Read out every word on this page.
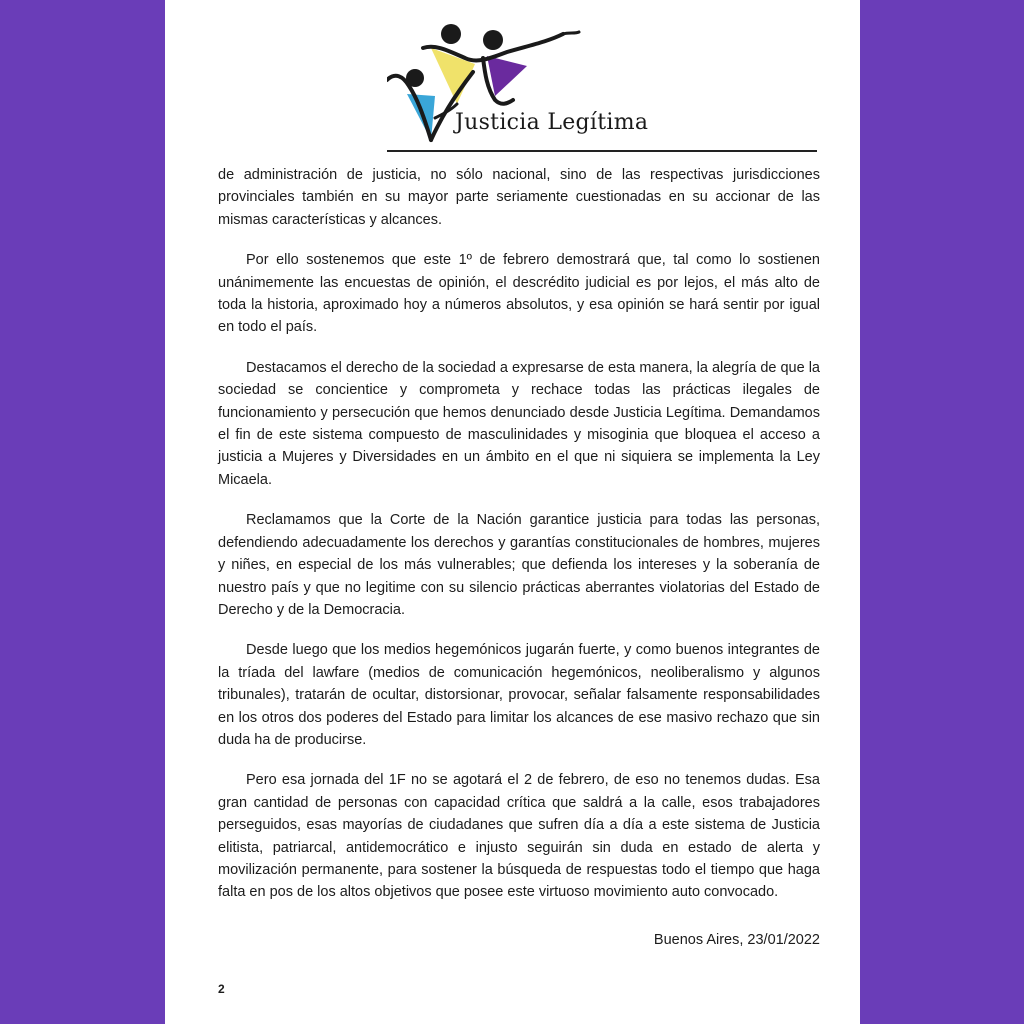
Justicia Legítima

de administración de justicia, no sólo nacional, sino de las respectivas jurisdicciones provinciales también en su mayor parte seriamente cuestionadas en su accionar de las mismas características y alcances.

Por ello sostenemos que este 1º de febrero demostrará que, tal como lo sostienen unánimemente las encuestas de opinión, el descrédito judicial es por lejos, el más alto de toda la historia, aproximado hoy a números absolutos, y esa opinión se hará sentir por igual en todo el país.

Destacamos el derecho de la sociedad a expresarse de esta manera, la alegría de que la sociedad se concientice y comprometa y rechace todas las prácticas ilegales de funcionamiento y persecución que hemos denunciado desde Justicia Legítima. Demandamos el fin de este sistema compuesto de masculinidades y misoginia que bloquea el acceso a justicia a Mujeres y Diversidades en un ámbito en el que ni siquiera se implementa la Ley Micaela.

Reclamamos que la Corte de la Nación garantice justicia para todas las personas, defendiendo adecuadamente los derechos y garantías constitucionales de hombres, mujeres y niñes, en especial de los más vulnerables; que defienda los intereses y la soberanía de nuestro país y que no legitime con su silencio prácticas aberrantes violatorias del Estado de Derecho y de la Democracia.

Desde luego que los medios hegemónicos jugarán fuerte, y como buenos integrantes de la tríada del lawfare (medios de comunicación hegemónicos, neoliberalismo y algunos tribunales), tratarán de ocultar, distorsionar, provocar, señalar falsamente responsabilidades en los otros dos poderes del Estado para limitar los alcances de ese masivo rechazo que sin duda ha de producirse.

Pero esa jornada del 1F no se agotará el 2 de febrero, de eso no tenemos dudas. Esa gran cantidad de personas con capacidad crítica que saldrá a la calle, esos trabajadores perseguidos, esas mayorías de ciudadanes que sufren día a día a este sistema de Justicia elitista, patriarcal, antidemocrático e injusto seguirán sin duda en estado de alerta y movilización permanente, para sostener la búsqueda de respuestas todo el tiempo que haga falta en pos de los altos objetivos que posee este virtuoso movimiento auto convocado.

Buenos Aires, 23/01/2022
2
